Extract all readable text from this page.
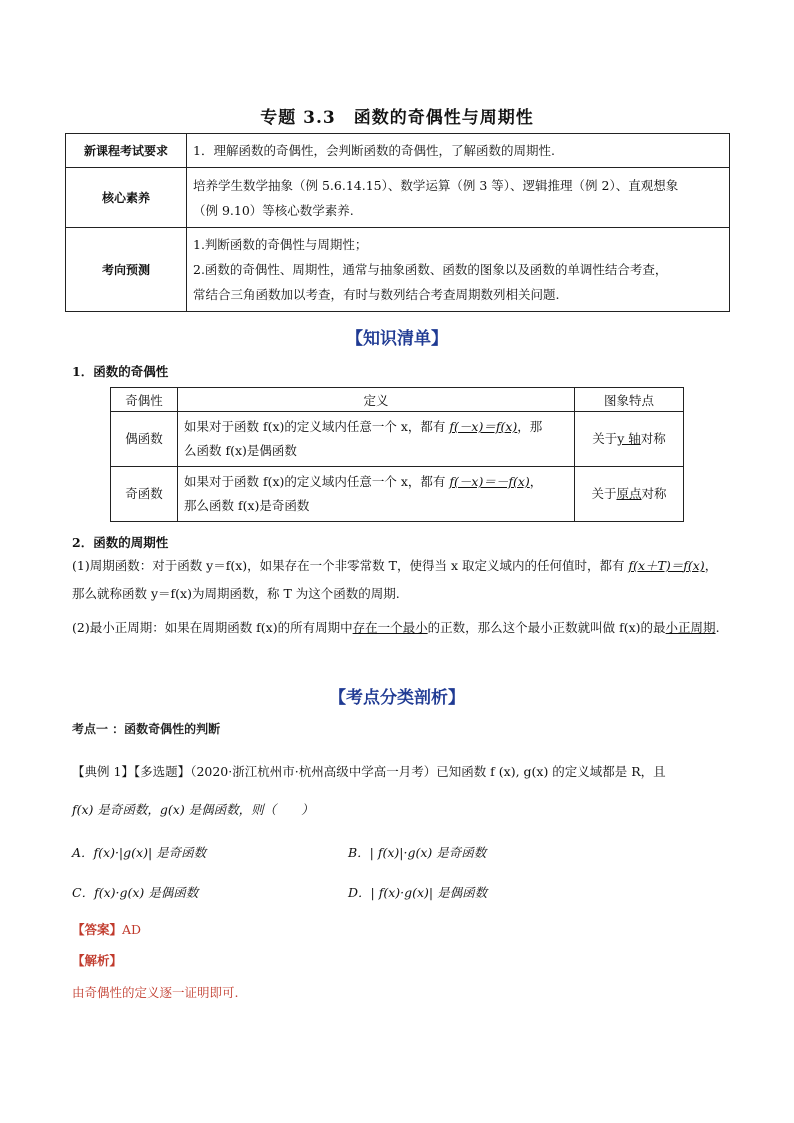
专题 3.3 函数的奇偶性与周期性
新课程考试要求	1．理解函数的奇偶性，会判断函数的奇偶性，了解函数的周期性.
核心素养	培养学生数学抽象（例 5.6.14.15）、数学运算（例 3 等）、逻辑推理（例 2）、直观想象
（例 9.10）等核心数学素养.

考向预测	1.判断函数的奇偶性与周期性；
2.函数的奇偶性、周期性，通常与抽象函数、函数的图象以及函数的单调性结合考查，
常结合三角函数加以考查，有时与数列结合考查周期数列相关问题.
【知识清单】
1．函数的奇偶性
奇偶性	定义	图象特点
偶函数	如果对于函数 f(x)的定义域内任意一个 x，都有 f(－x)＝f(x)，那
么函数 f(x)是偶函数	关于y 轴对称
奇函数	如果对于函数 f(x)的定义域内任意一个 x，都有 f(－x)＝－f(x)，
那么函数 f(x)是奇函数	关于原点对称
2．函数的周期性
(1)周期函数：对于函数 y＝f(x)，如果存在一个非零常数 T，使得当 x 取定义域内的任何值时，都有 f(x＋T)＝f(x)，那么就称函数 y＝f(x)为周期函数，称 T 为这个函数的周期.
(2)最小正周期：如果在周期函数 f(x)的所有周期中存在一个最小的正数，那么这个最小正数就叫做 f(x)的最小正周期.
【考点分类剖析】
考点一 ：函数奇偶性的判断
【典例 1】【多选题】（2020·浙江杭州市·杭州高级中学高一月考）已知函数 f (x), g(x) 的定义域都是 R，且
f(x) 是奇函数，g(x) 是偶函数，则（　　）
A．f(x)·|g(x)| 是奇函数	B．| f(x)|·g(x) 是奇函数
C．f(x)·g(x) 是偶函数	D．| f(x)·g(x)| 是偶函数
【答案】AD
【解析】
由奇偶性的定义逐一证明即可.
